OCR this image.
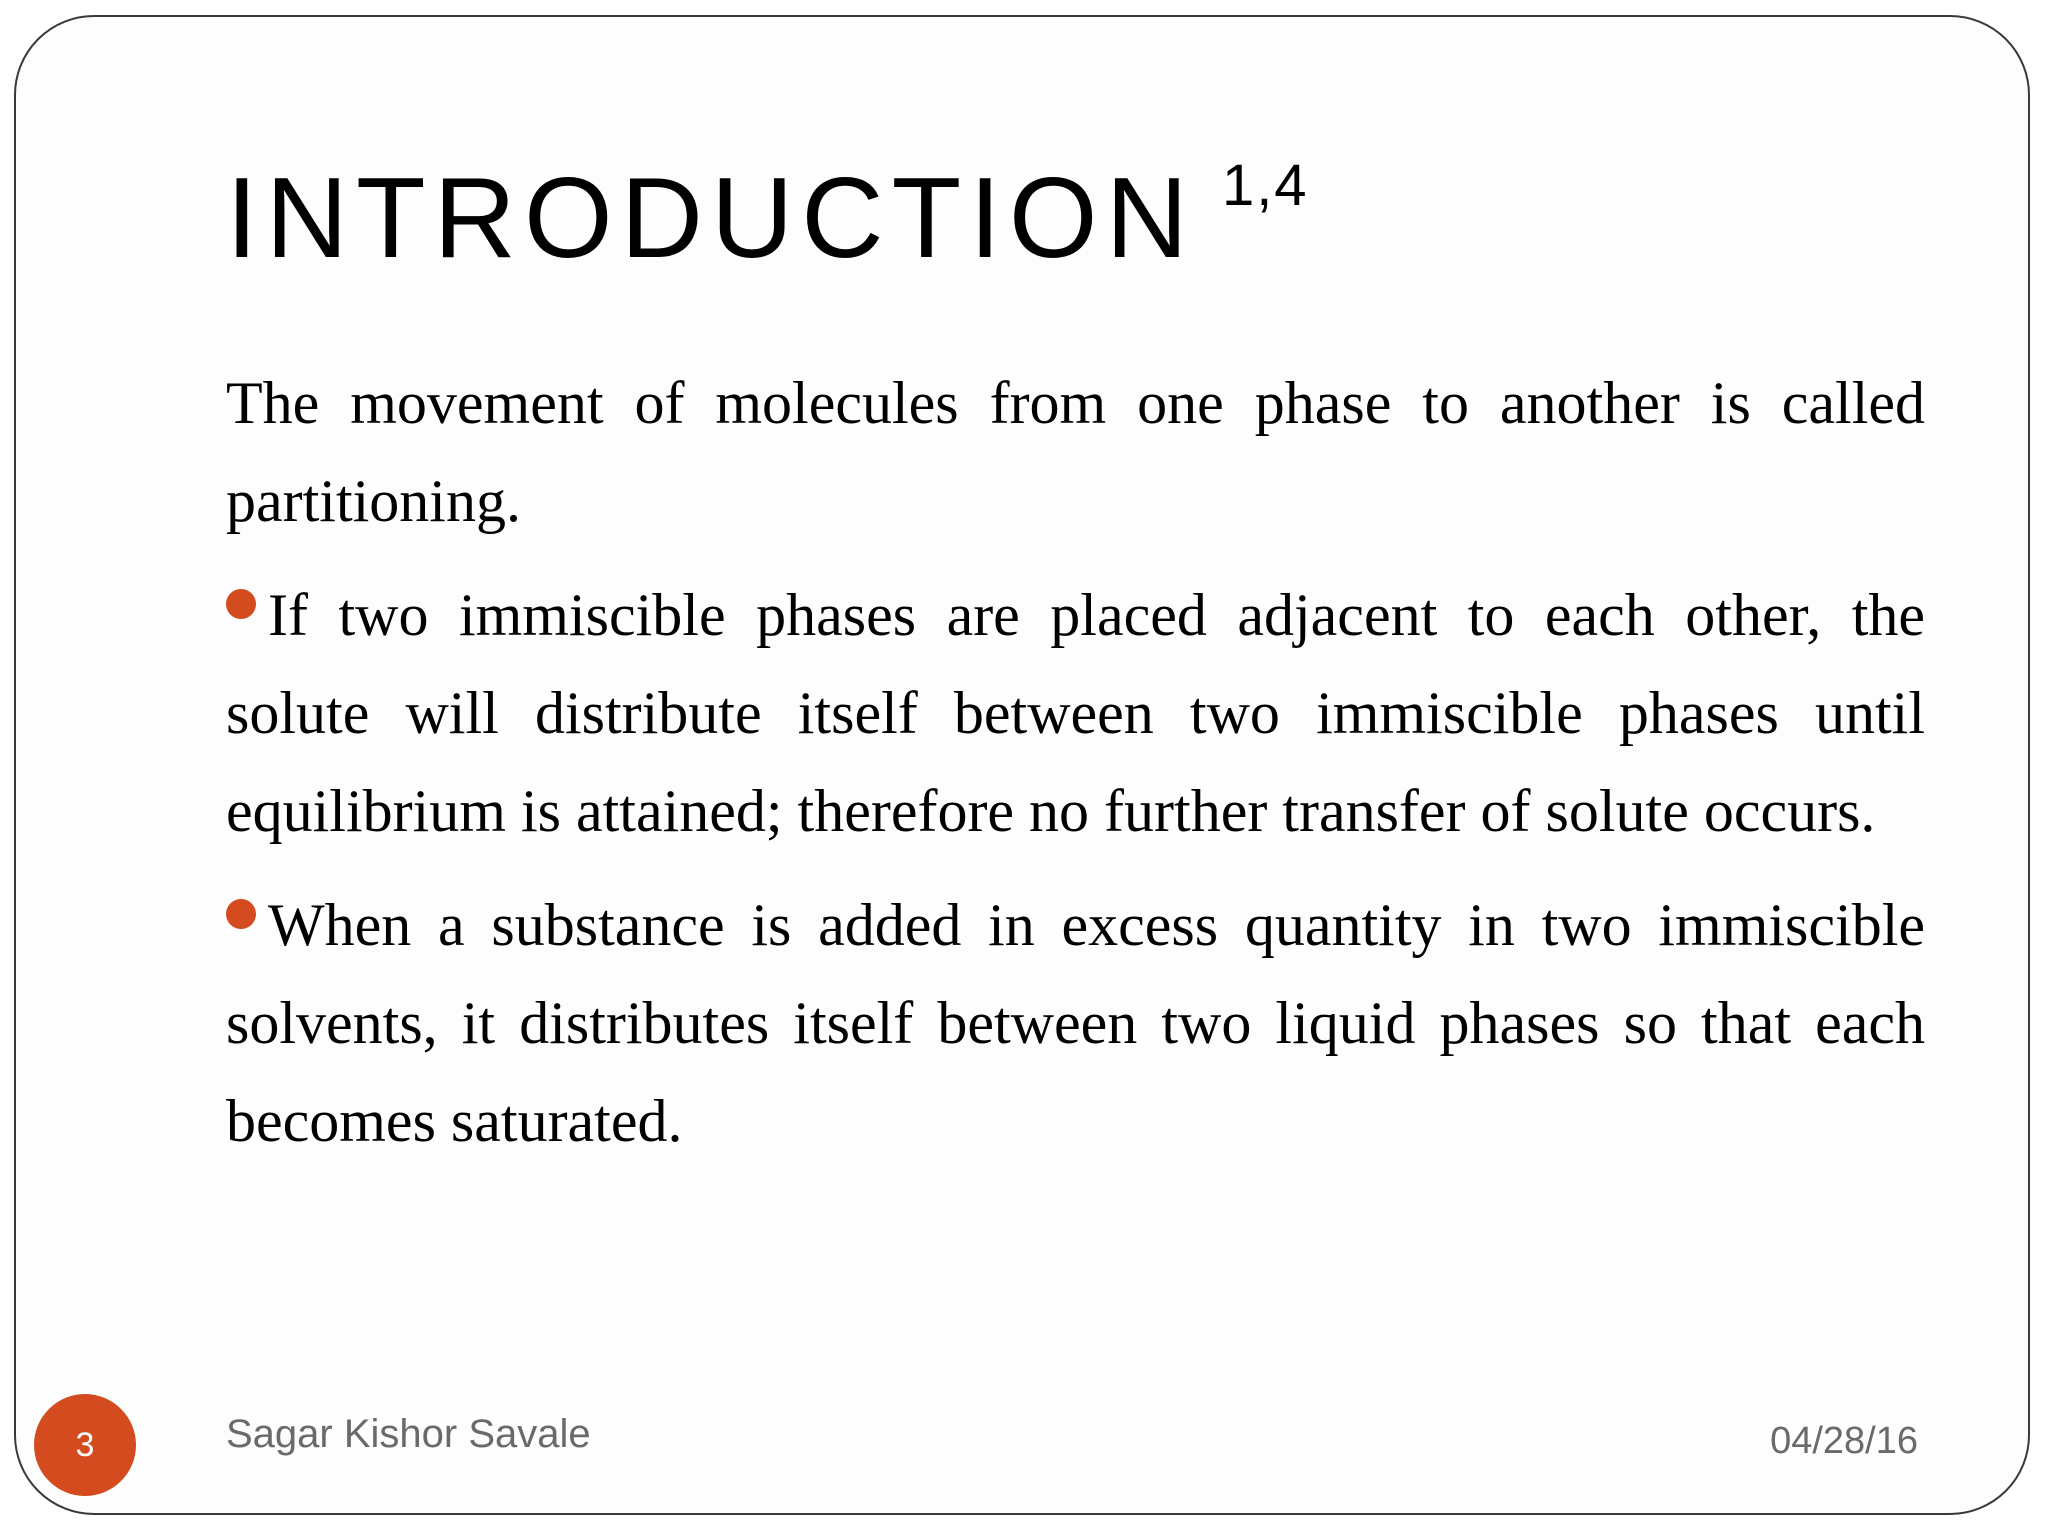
INTRODUCTION $^{1,4}$

The movement of molecules from one phase to another is called partitioning.

If two immiscible phases are placed adjacent to each other, the solute will distribute itself between two immiscible phases until equilibrium is attained; therefore no further transfer of solute occurs.

When a substance is added in excess quantity in two immiscible solvents, it distributes itself between two liquid phases so that each becomes saturated.

3	Sagar Kishor Savale	04/28/16
